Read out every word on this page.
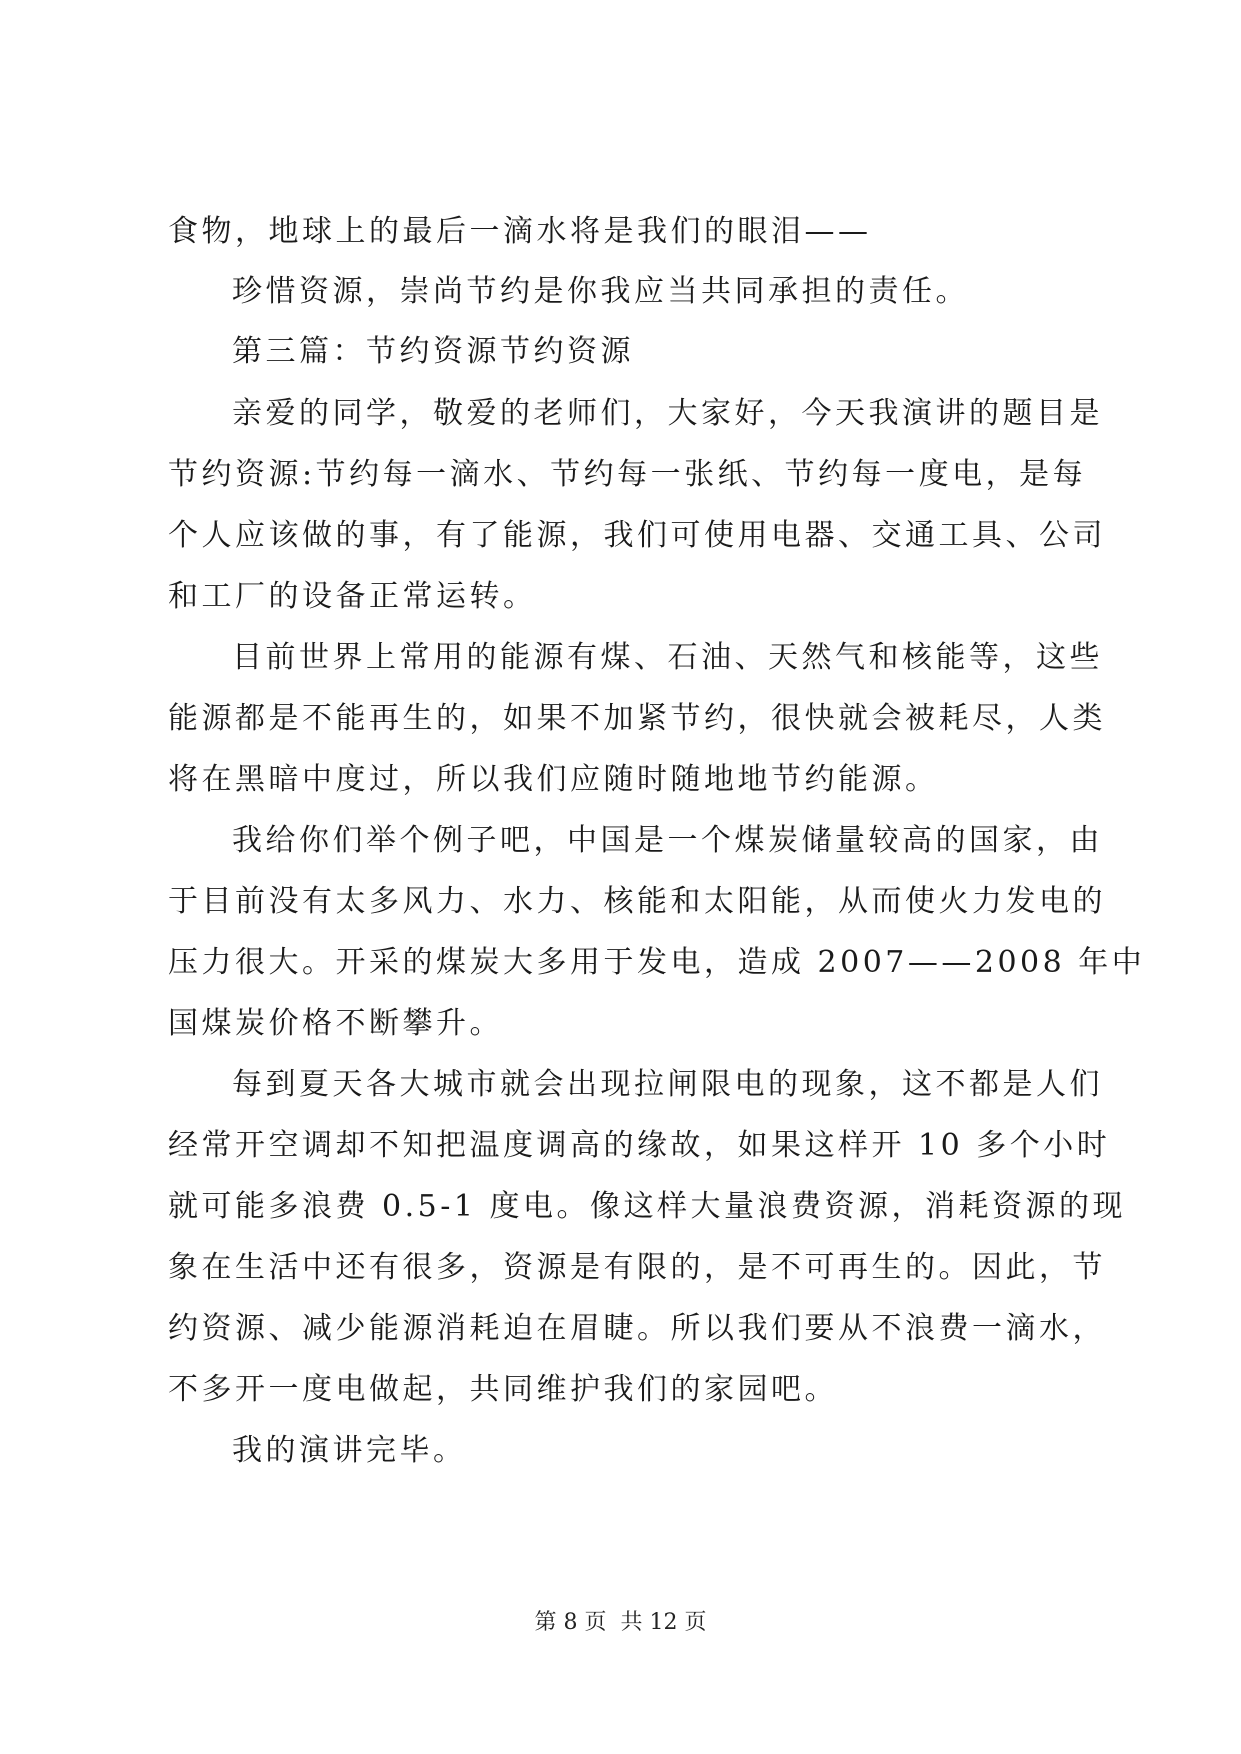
食物，地球上的最后一滴水将是我们的眼泪——
珍惜资源，崇尚节约是你我应当共同承担的责任。
第三篇：节约资源节约资源
亲爱的同学，敬爱的老师们，大家好，今天我演讲的题目是
节约资源:节约每一滴水、节约每一张纸、节约每一度电，是每
个人应该做的事，有了能源，我们可使用电器、交通工具、公司
和工厂的设备正常运转。
目前世界上常用的能源有煤、石油、天然气和核能等，这些
能源都是不能再生的，如果不加紧节约，很快就会被耗尽，人类
将在黑暗中度过，所以我们应随时随地地节约能源。
我给你们举个例子吧，中国是一个煤炭储量较高的国家，由
于目前没有太多风力、水力、核能和太阳能，从而使火力发电的
压力很大。开采的煤炭大多用于发电，造成 2007——2008 年中
国煤炭价格不断攀升。
每到夏天各大城市就会出现拉闸限电的现象，这不都是人们
经常开空调却不知把温度调高的缘故，如果这样开 10 多个小时
就可能多浪费 0.5-1 度电。像这样大量浪费资源，消耗资源的现
象在生活中还有很多，资源是有限的，是不可再生的。因此，节
约资源、减少能源消耗迫在眉睫。所以我们要从不浪费一滴水，
不多开一度电做起，共同维护我们的家园吧。
我的演讲完毕。
第 8 页  共 12 页
